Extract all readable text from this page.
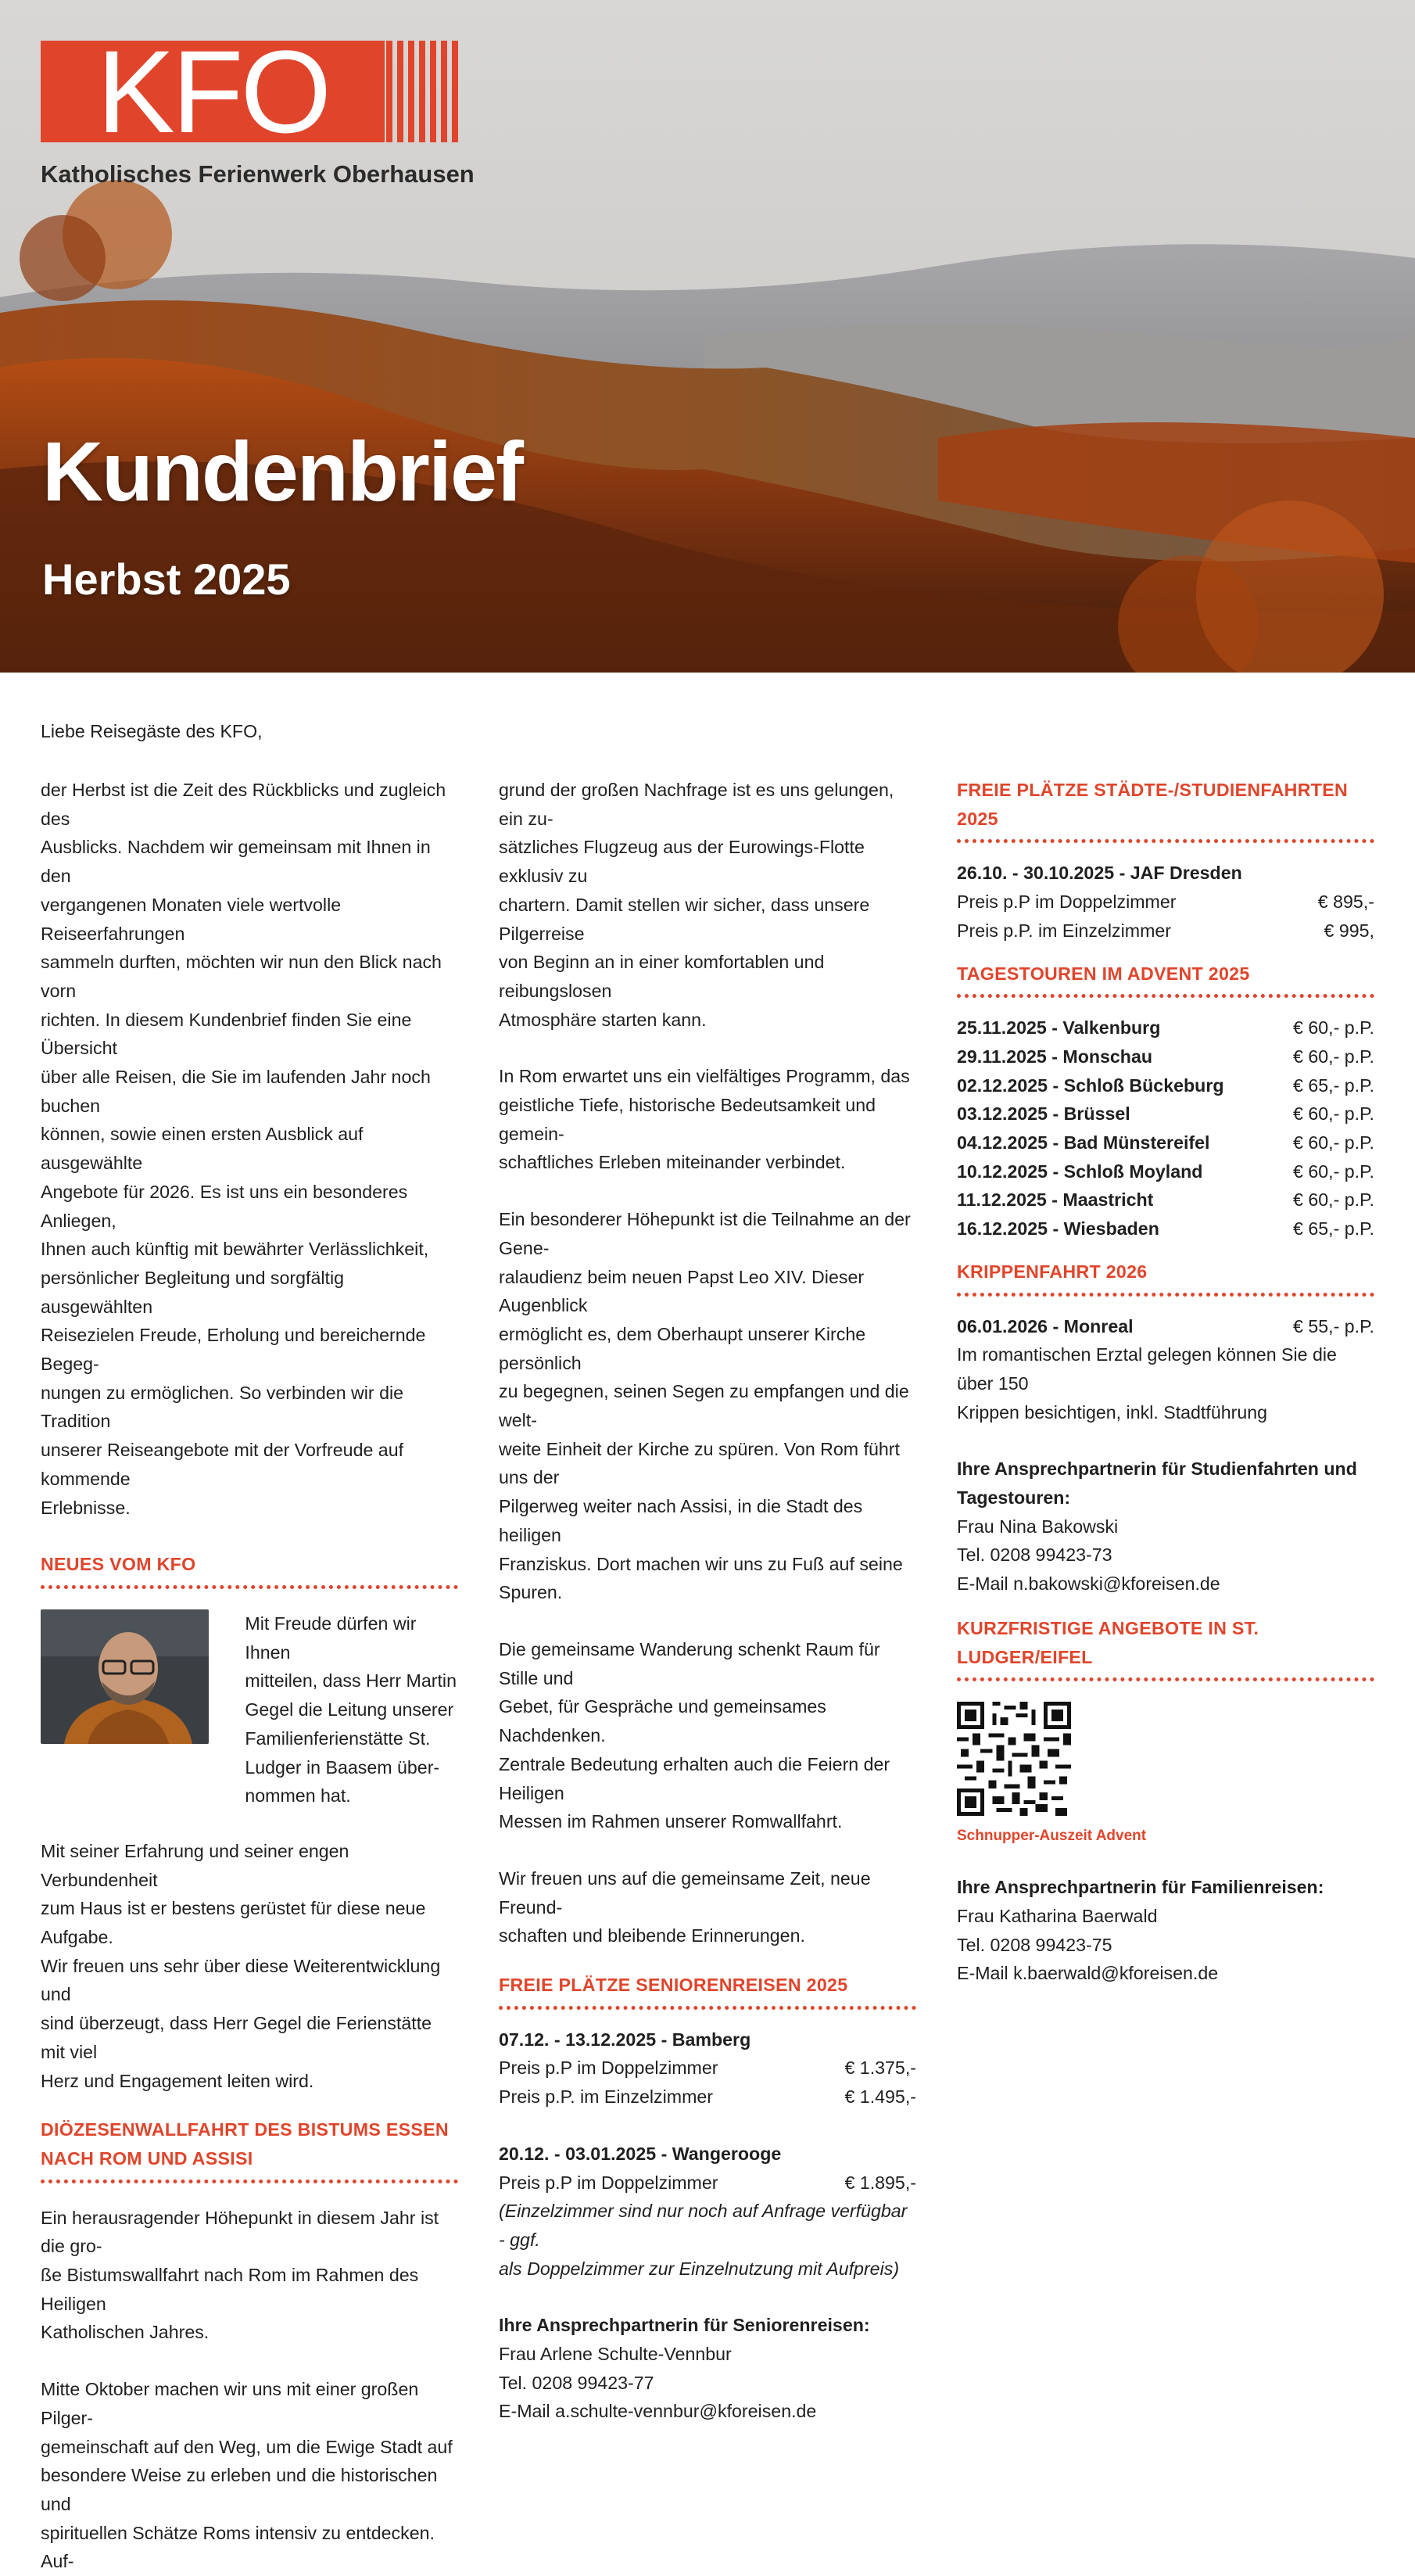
KFO
Katholisches Ferienwerk Oberhausen
Kundenbrief
Herbst 2025
Liebe Reisegäste des KFO,
der Herbst ist die Zeit des Rückblicks und zugleich des
Ausblicks. Nachdem wir gemeinsam mit Ihnen in den
vergangenen Monaten viele wertvolle Reiseerfahrungen
sammeln durften, möchten wir nun den Blick nach vorn
richten. In diesem Kundenbrief finden Sie eine Übersicht
über alle Reisen, die Sie im laufenden Jahr noch buchen
können, sowie einen ersten Ausblick auf ausgewählte
Angebote für 2026. Es ist uns ein besonderes Anliegen,
Ihnen auch künftig mit bewährter Verlässlichkeit,
persönlicher Begleitung und sorgfältig ausgewählten
Reisezielen Freude, Erholung und bereichernde Begeg-
nungen zu ermöglichen. So verbinden wir die Tradition
unserer Reiseangebote mit der Vorfreude auf kommende
Erlebnisse.
NEUES VOM KFO
Mit Freude dürfen wir Ihnen
mitteilen, dass Herr Martin
Gegel die Leitung unserer
Familienferienstätte St.
Ludger in Baasem über-
nommen hat.
Mit seiner Erfahrung und seiner engen Verbundenheit
zum Haus ist er bestens gerüstet für diese neue Aufgabe.
Wir freuen uns sehr über diese Weiterentwicklung und
sind überzeugt, dass Herr Gegel die Ferienstätte mit viel
Herz und Engagement leiten wird.
DIÖZESENWALLFAHRT DES BISTUMS ESSEN
NACH ROM UND ASSISI
Ein herausragender Höhepunkt in diesem Jahr ist die gro-
ße Bistumswallfahrt nach Rom im Rahmen des Heiligen
Katholischen Jahres.
Mitte Oktober machen wir uns mit einer großen Pilger-
gemeinschaft auf den Weg, um die Ewige Stadt auf
besondere Weise zu erleben und die historischen und
spirituellen Schätze Roms intensiv zu entdecken. Auf-
grund der großen Nachfrage ist es uns gelungen, ein zu-
sätzliches Flugzeug aus der Eurowings-Flotte exklusiv zu
chartern. Damit stellen wir sicher, dass unsere Pilgerreise
von Beginn an in einer komfortablen und reibungslosen
Atmosphäre starten kann.
In Rom erwartet uns ein vielfältiges Programm, das
geistliche Tiefe, historische Bedeutsamkeit und gemein-
schaftliches Erleben miteinander verbindet.
Ein besonderer Höhepunkt ist die Teilnahme an der Gene-
ralaudienz beim neuen Papst Leo XIV. Dieser Augenblick
ermöglicht es, dem Oberhaupt unserer Kirche persönlich
zu begegnen, seinen Segen zu empfangen und die welt-
weite Einheit der Kirche zu spüren. Von Rom führt uns der
Pilgerweg weiter nach Assisi, in die Stadt des heiligen
Franziskus. Dort machen wir uns zu Fuß auf seine Spuren.
Die gemeinsame Wanderung schenkt Raum für Stille und
Gebet, für Gespräche und gemeinsames Nachdenken.
Zentrale Bedeutung erhalten auch die Feiern der Heiligen
Messen im Rahmen unserer Romwallfahrt.
Wir freuen uns auf die gemeinsame Zeit, neue Freund-
schaften und bleibende Erinnerungen.
FREIE PLÄTZE SENIORENREISEN 2025
07.12. - 13.12.2025 - Bamberg
Preis p.P im Doppelzimmer	€ 1.375,-
Preis p.P. im Einzelzimmer	€ 1.495,-
20.12. - 03.01.2025 - Wangerooge
Preis p.P im Doppelzimmer	€ 1.895,-
(Einzelzimmer sind nur noch auf Anfrage verfügbar - ggf.
als Doppelzimmer zur Einzelnutzung mit Aufpreis)
Ihre Ansprechpartnerin für Seniorenreisen:
Frau Arlene Schulte-Vennbur
Tel. 0208 99423-77
E-Mail a.schulte-vennbur@kforeisen.de
FREIE PLÄTZE STÄDTE-/STUDIENFAHRTEN 2025
26.10. - 30.10.2025 - JAF Dresden
Preis p.P im Doppelzimmer	€ 895,-
Preis p.P. im Einzelzimmer	€ 995,
TAGESTOUREN IM ADVENT 2025
25.11.2025 - Valkenburg	€ 60,- p.P.
29.11.2025 - Monschau	€ 60,- p.P.
02.12.2025 - Schloß Bückeburg	€ 65,- p.P.
03.12.2025 - Brüssel	€ 60,- p.P.
04.12.2025 - Bad Münstereifel	€ 60,- p.P.
10.12.2025 - Schloß Moyland	€ 60,- p.P.
11.12.2025 - Maastricht	€ 60,- p.P.
16.12.2025 - Wiesbaden	€ 65,- p.P.
KRIPPENFAHRT 2026
06.01.2026 - Monreal	€ 55,- p.P.
Im romantischen Erztal gelegen können Sie die über 150
Krippen besichtigen, inkl. Stadtführung
Ihre Ansprechpartnerin für Studienfahrten und
Tagestouren:
Frau Nina Bakowski
Tel. 0208 99423-73
E-Mail n.bakowski@kforeisen.de
KURZFRISTIGE ANGEBOTE IN ST. LUDGER/EIFEL
Schnupper-Auszeit Advent
Ihre Ansprechpartnerin für Familienreisen:
Frau Katharina Baerwald
Tel. 0208 99423-75
E-Mail k.baerwald@kforeisen.de
